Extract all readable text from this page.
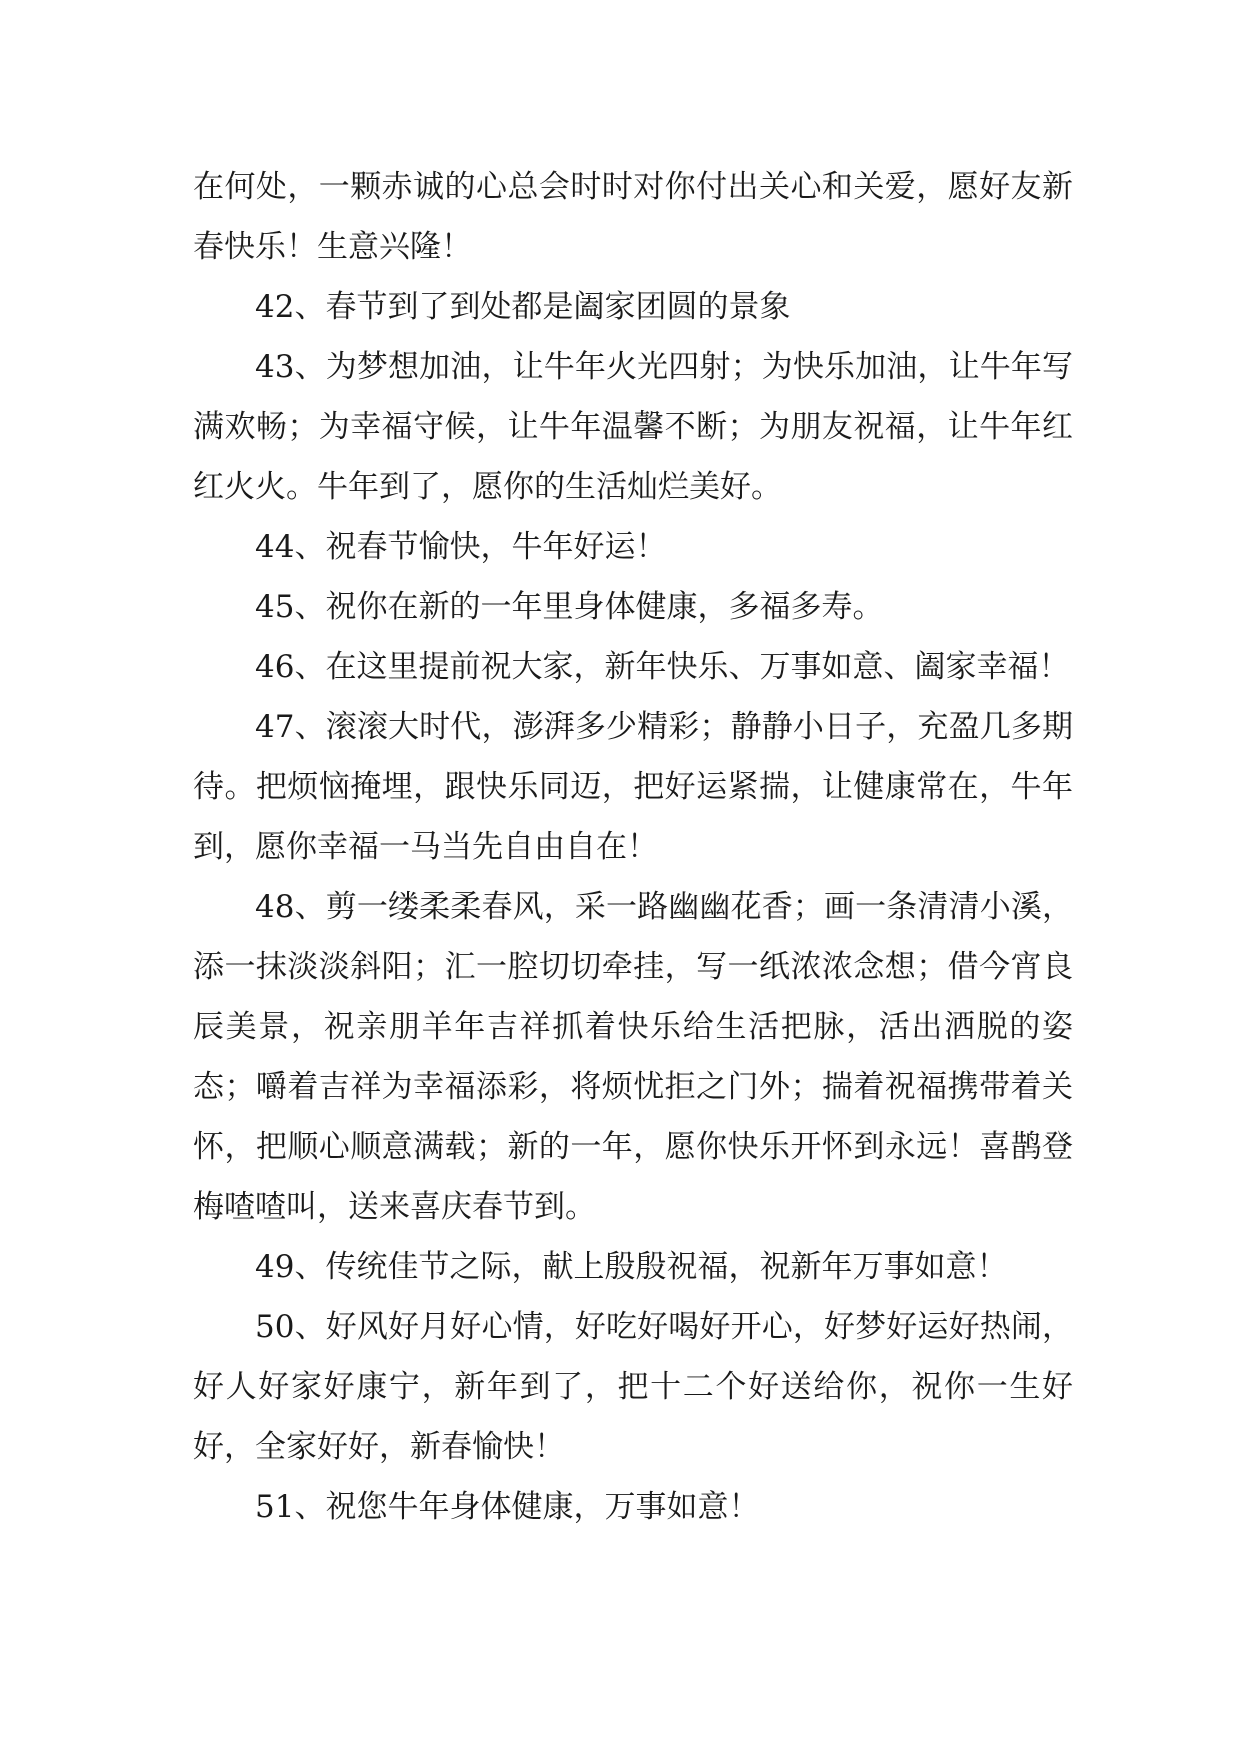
在何处，一颗赤诚的心总会时时对你付出关心和关爱，愿好友新春快乐！生意兴隆！

42、春节到了到处都是阖家团圆的景象

43、为梦想加油，让牛年火光四射；为快乐加油，让牛年写满欢畅；为幸福守候，让牛年温馨不断；为朋友祝福，让牛年红红火火。牛年到了，愿你的生活灿烂美好。

44、祝春节愉快，牛年好运！

45、祝你在新的一年里身体健康，多福多寿。

46、在这里提前祝大家，新年快乐、万事如意、阖家幸福！

47、滚滚大时代，澎湃多少精彩；静静小日子，充盈几多期待。把烦恼掩埋，跟快乐同迈，把好运紧揣，让健康常在，牛年到，愿你幸福一马当先自由自在！

48、剪一缕柔柔春风，采一路幽幽花香；画一条清清小溪，添一抹淡淡斜阳；汇一腔切切牵挂，写一纸浓浓念想；借今宵良辰美景，祝亲朋羊年吉祥抓着快乐给生活把脉，活出洒脱的姿态；嚼着吉祥为幸福添彩，将烦忧拒之门外；揣着祝福携带着关怀，把顺心顺意满载；新的一年，愿你快乐开怀到永远！喜鹊登梅喳喳叫，送来喜庆春节到。

49、传统佳节之际，献上殷殷祝福，祝新年万事如意！

50、好风好月好心情，好吃好喝好开心，好梦好运好热闹，好人好家好康宁，新年到了，把十二个好送给你，祝你一生好好，全家好好，新春愉快！

51、祝您牛年身体健康，万事如意！
